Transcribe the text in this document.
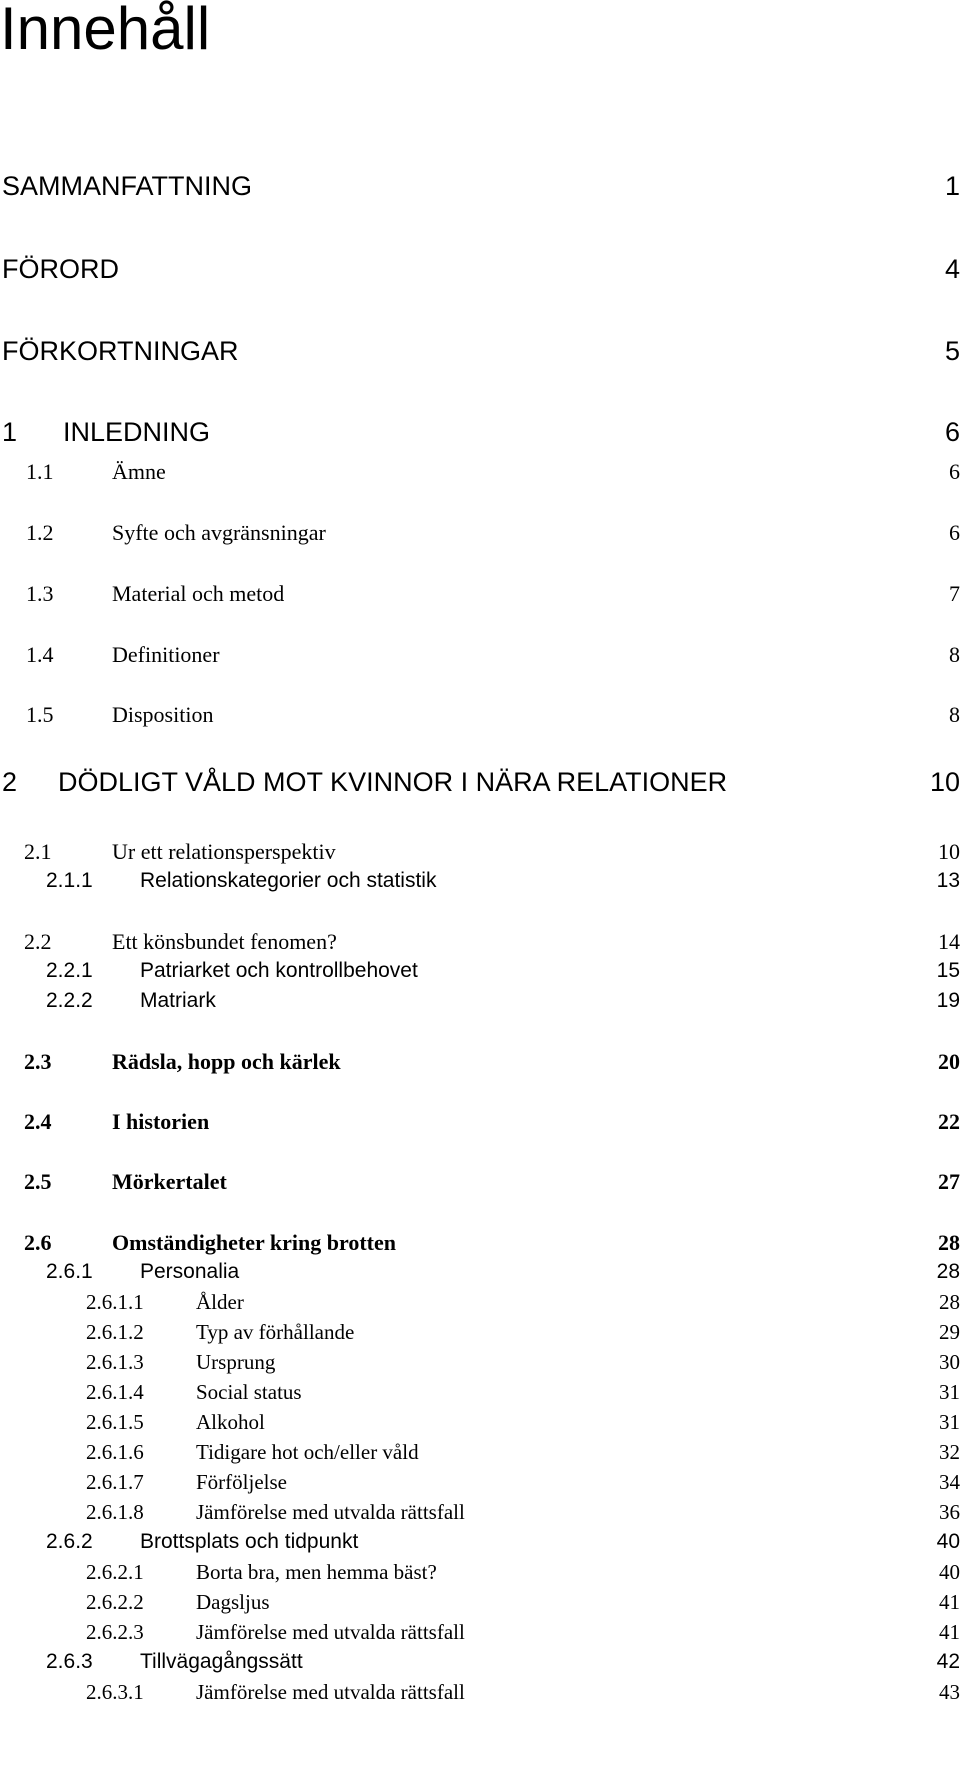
Innehåll
SAMMANFATTNING	1
FÖRORD	4
FÖRKORTNINGAR	5
1 INLEDNING	6
1.1	Ämne	6
1.2	Syfte och avgränsningar	6
1.3	Material och metod	7
1.4	Definitioner	8
1.5	Disposition	8
2 DÖDLIGT VÅLD MOT KVINNOR I NÄRA RELATIONER	10
2.1	Ur ett relationsperspektiv	10
2.1.1 Relationskategorier och statistik	13
2.2	Ett könsbundet fenomen?	14
2.2.1 Patriarket och kontrollbehovet	15
2.2.2 Matriark	19
2.3	Rädsla, hopp och kärlek	20
2.4	I historien	22
2.5	Mörkertalet	27
2.6	Omständigheter kring brotten	28
2.6.1 Personalia	28
2.6.1.1 Ålder	28
2.6.1.2 Typ av förhållande	29
2.6.1.3 Ursprung	30
2.6.1.4 Social status	31
2.6.1.5 Alkohol	31
2.6.1.6 Tidigare hot och/eller våld	32
2.6.1.7 Förföljelse	34
2.6.1.8 Jämförelse med utvalda rättsfall	36
2.6.2 Brottsplats och tidpunkt	40
2.6.2.1 Borta bra, men hemma bäst?	40
2.6.2.2 Dagsljus	41
2.6.2.3 Jämförelse med utvalda rättsfall	41
2.6.3 Tillvägagångssätt	42
2.6.3.1 Jämförelse med utvalda rättsfall	43
